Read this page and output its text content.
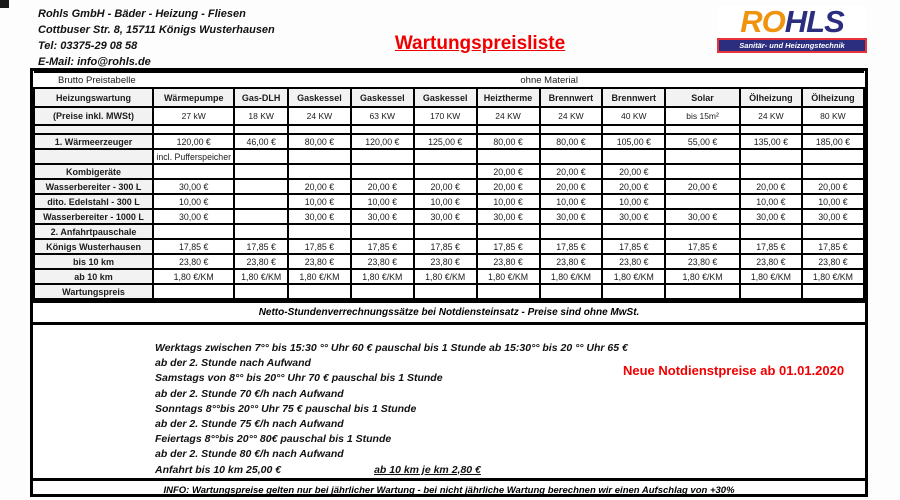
Rohls GmbH - Bäder - Heizung - Fliesen
Cottbuser Str. 8, 15711 Königs Wusterhausen
Tel: 03375-29 08 58
E-Mail: info@rohls.de
Wartungspreisliste
ROHLS
Sanitär- und Heizungstechnik
Brutto Preistabelle		ohne Material									
Heizungswartung	Wärmepumpe	Gas-DLH	Gaskessel	Gaskessel	Gaskessel	Heiztherme	Brennwert	Brennwert	Solar	Ölheizung	Ölheizung
(Preise inkl. MWSt)	27 kW	18 KW	24 KW	63 KW	170 KW	24 KW	24 KW	40 KW	bis 15m²	24 KW	80 KW

1. Wärmeerzeuger	120,00 €	46,00 €	80,00 €	120,00 €	125,00 €	80,00 €	80,00 €	105,00 €	55,00 €	135,00 €	185,00 €
	incl. Pufferspeicher										
Kombigeräte						20,00 €	20,00 €	20,00 €			
Wasserbereiter - 300 L	30,00 €		20,00 €	20,00 €	20,00 €	20,00 €	20,00 €	20,00 €	20,00 €	20,00 €	20,00 €
dito. Edelstahl - 300 L	10,00 €		10,00 €	10,00 €	10,00 €	10,00 €	10,00 €	10,00 €		10,00 €	10,00 €
Wasserbereiter - 1000 L	30,00 €		30,00 €	30,00 €	30,00 €	30,00 €	30,00 €	30,00 €	30,00 €	30,00 €	30,00 €
2. Anfahrtpauschale											
Königs Wusterhausen	17,85 €	17,85 €	17,85 €	17,85 €	17,85 €	17,85 €	17,85 €	17,85 €	17,85 €	17,85 €	17,85 €
bis 10 km	23,80 €	23,80 €	23,80 €	23,80 €	23,80 €	23,80 €	23,80 €	23,80 €	23,80 €	23,80 €	23,80 €
ab 10 km	1,80 €/KM	1,80 €/KM	1,80 €/KM	1,80 €/KM	1,80 €/KM	1,80 €/KM	1,80 €/KM	1,80 €/KM	1,80 €/KM	1,80 €/KM	1,80 €/KM
Wartungspreis											
Netto-Stundenverrechnungssätze bei Notdiensteinsatz - Preise sind ohne MwSt.
Werktags zwischen 7°° bis 15:30 °° Uhr 60 € pauschal bis 1 Stunde ab 15:30°° bis 20 °° Uhr 65 €
ab der 2. Stunde nach Aufwand
Samstags von 8°° bis 20°° Uhr 70 € pauschal bis 1 Stunde
ab der 2. Stunde 70 €/h nach Aufwand
Sonntags 8°°bis 20°° Uhr 75 € pauschal bis 1 Stunde
ab der 2. Stunde 75 €/h nach Aufwand
Feiertags 8°°bis 20°° 80€ pauschal bis 1 Stunde
ab der 2. Stunde 80 €/h nach Aufwand
Anfahrt bis 10 km 25,00 €	ab 10 km je km 2,80 €
Neue Notdienstpreise ab 01.01.2020
INFO: Wartungspreise gelten nur bei jährlicher Wartung - bei nicht jährliche Wartung berechnen wir einen Aufschlag von +30%
